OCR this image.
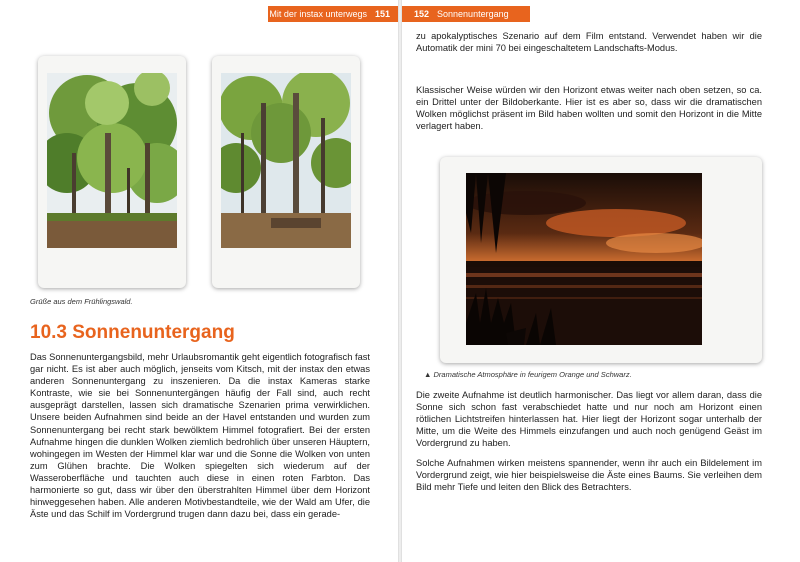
Mit der instax unterwegs 151
Grüße aus dem Frühlingswald.
10.3 Sonnenuntergang

Das Sonnenuntergangsbild, mehr Urlaubsromantik geht eigentlich fotografisch fast gar nicht. Es ist aber auch möglich, jenseits vom Kitsch, mit der instax den etwas anderen Sonnenuntergang zu inszenieren. Da die instax Kameras starke Kontraste, wie sie bei Sonnenuntergängen häufig der Fall sind, auch recht ausgeprägt darstellen, lassen sich dramatische Szenarien prima verwirklichen. Unsere beiden Aufnahmen sind beide an der Havel entstanden und wurden zum Sonnenuntergang bei recht stark bewölktem Himmel fotografiert. Bei der ersten Aufnahme hingen die dunklen Wolken ziemlich bedrohlich über unseren Häuptern, wohingegen im Westen der Himmel klar war und die Sonne die Wolken von unten zum Glühen brachte. Die Wolken spiegelten sich wiederum auf der Wasseroberfläche und tauchten auch diese in einen roten Farbton. Das harmonierte so gut, dass wir über den überstrahlten Himmel über dem Horizont hinweggesehen haben. Alle anderen Motivbestandteile, wie der Wald am Ufer, die Äste und das Schilf im Vordergrund trugen dann dazu bei, dass ein gerade-

152 Sonnenuntergang

zu apokalyptisches Szenario auf dem Film entstand. Verwendet haben wir die Automatik der mini 70 bei eingeschaltetem Landschafts-Modus.

Klassischer Weise würden wir den Horizont etwas weiter nach oben setzen, so ca. ein Drittel unter der Bildoberkante. Hier ist es aber so, dass wir die dramatischen Wolken möglichst präsent im Bild haben wollten und somit den Horizont in die Mitte verlagert haben.

▲ Dramatische Atmosphäre in feurigem Orange und Schwarz.

Die zweite Aufnahme ist deutlich harmonischer. Das liegt vor allem daran, dass die Sonne sich schon fast verabschiedet hatte und nur noch am Horizont einen rötlichen Lichtstreifen hinterlassen hat. Hier liegt der Horizont sogar unterhalb der Mitte, um die Weite des Himmels einzufangen und auch noch genügend Geäst im Vordergrund zu haben.

Solche Aufnahmen wirken meistens spannender, wenn ihr auch ein Bildelement im Vordergrund zeigt, wie hier beispielsweise die Äste eines Baums. Sie verleihen dem Bild mehr Tiefe und leiten den Blick des Betrachters.
